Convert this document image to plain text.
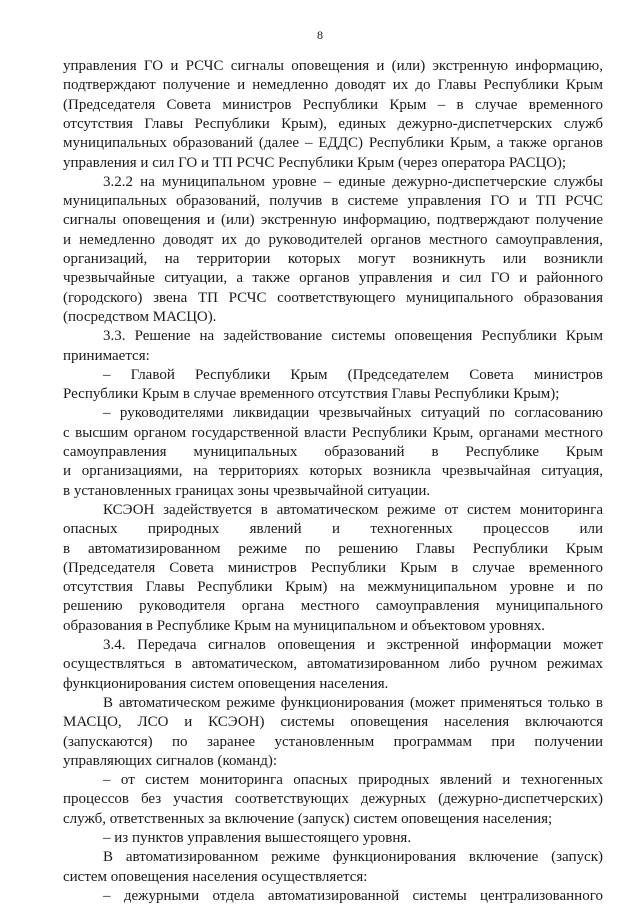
8
управления ГО и РСЧС сигналы оповещения и (или) экстренную информацию,
подтверждают получение и немедленно доводят их до Главы Республики Крым
(Председателя Совета министров Республики Крым – в случае временного
отсутствия Главы Республики Крым), единых дежурно-диспетчерских служб
муниципальных образований (далее – ЕДДС) Республики Крым, а также органов
управления и сил ГО и ТП РСЧС Республики Крым (через оператора РАСЦО);
3.2.2 на муниципальном уровне – единые дежурно-диспетчерские службы
муниципальных образований, получив в системе управления ГО и ТП РСЧС
сигналы оповещения и (или) экстренную информацию, подтверждают получение
и немедленно доводят их до руководителей органов местного самоуправления,
организаций, на территории которых могут возникнуть или возникли
чрезвычайные ситуации, а также органов управления и сил ГО и районного
(городского) звена ТП РСЧС соответствующего муниципального образования
(посредством МАСЦО).
3.3. Решение на задействование системы оповещения Республики Крым
принимается:
– Главой Республики Крым (Председателем Совета министров
Республики Крым в случае временного отсутствия Главы Республики Крым);
– руководителями ликвидации чрезвычайных ситуаций по согласованию
с высшим органом государственной власти Республики Крым, органами местного
самоуправления муниципальных образований в Республике Крым
и организациями, на территориях которых возникла чрезвычайная ситуация,
в установленных границах зоны чрезвычайной ситуации.
КСЭОН задействуется в автоматическом режиме от систем мониторинга
опасных природных явлений и техногенных процессов или
в автоматизированном режиме по решению Главы Республики Крым
(Председателя Совета министров Республики Крым в случае временного
отсутствия Главы Республики Крым) на межмуниципальном уровне и по
решению руководителя органа местного самоуправления муниципального
образования в Республике Крым на муниципальном и объектовом уровнях.
3.4. Передача сигналов оповещения и экстренной информации может
осуществляться в автоматическом, автоматизированном либо ручном режимах
функционирования систем оповещения населения.
В автоматическом режиме функционирования (может применяться только в
МАСЦО, ЛСО и КСЭОН) системы оповещения населения включаются
(запускаются) по заранее установленным программам при получении
управляющих сигналов (команд):
– от систем мониторинга опасных природных явлений и техногенных
процессов без участия соответствующих дежурных (дежурно-диспетчерских)
служб, ответственных за включение (запуск) систем оповещения населения;
– из пунктов управления вышестоящего уровня.
В автоматизированном режиме функционирования включение (запуск)
систем оповещения населения осуществляется:
– дежурными отдела автоматизированной системы централизованного
